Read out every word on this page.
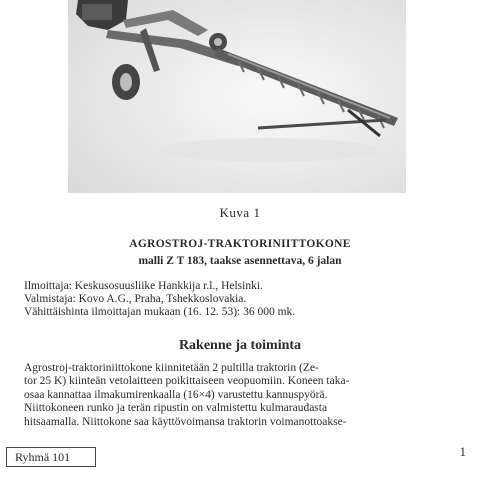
Kuva 1
AGROSTROJ-TRAKTORINIITTOKONE
malli Z T 183, taakse asennettava, 6 jalan
Ilmoittaja: Keskusosuusliike Hankkija r.l., Helsinki.
Valmistaja: Kovo A.G., Praha, Tshekkoslovakia.
Vähittäishinta ilmoittajan mukaan (16. 12. 53): 36 000 mk.
Rakenne ja toiminta
Agrostroj-traktoriniittokone kiinnitetään 2 pultilla traktorin (Ze-
tor 25 K) kiinteän vetolaitteen poikittaiseen veopuomiin. Koneen taka-
osaa kannattaa ilmakumirenkaalla (16×4) varustettu kannuspyörä.
Niittokoneen runko ja terän ripustin on valmistettu kulmaraudasta
hitsaamalla. Niittokone saa käyttövoimansa traktorin voimanottoakse-
Ryhmä 101	1
